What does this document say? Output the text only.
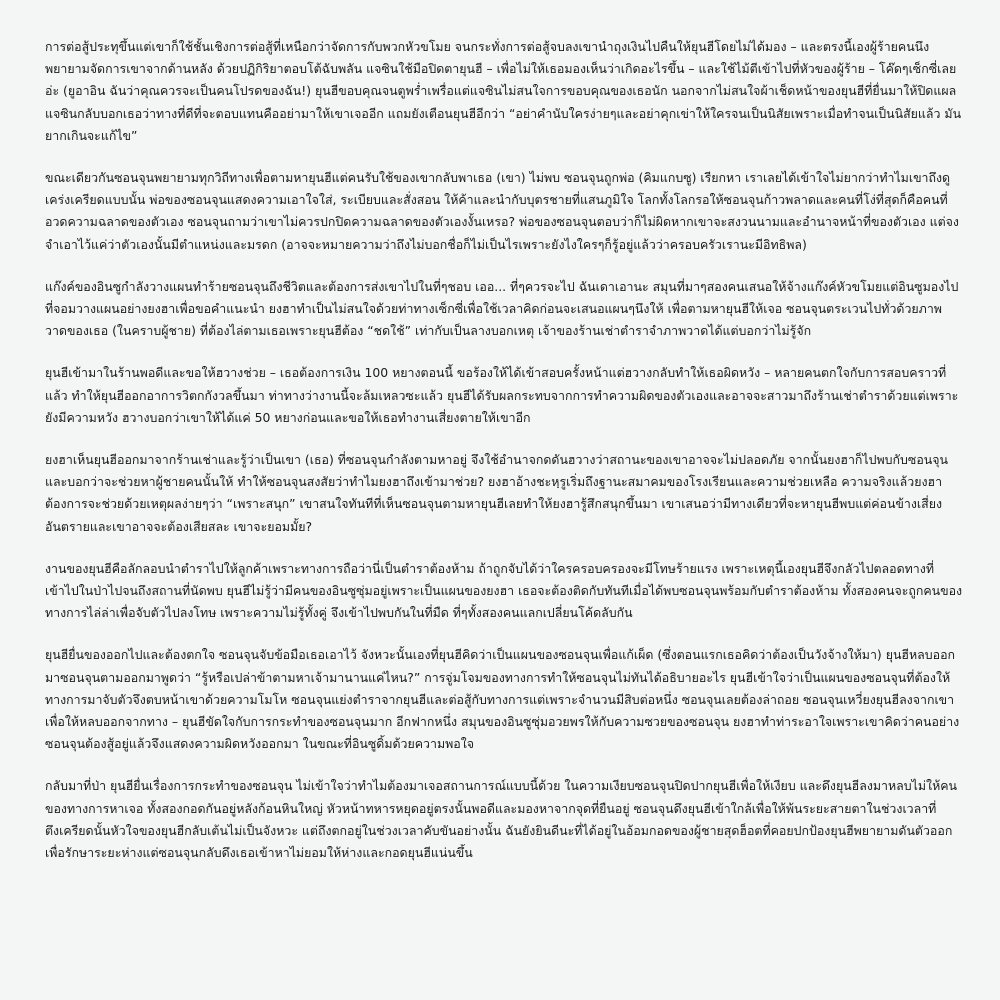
การต่อสู้ประทุขึ้นแต่เขาก็ใช้ชั้นเชิงการต่อสู้ที่เหนือกว่าจัดการกับพวกหัวขโมย จนกระทั่งการต่อสู้จบลงเขานำถุงเงินไปคืนให้ยุนฮีโดยไม่ได้มอง – และตรงนี้เองผู้ร้ายคนนึงพยายามจัดการเขาจากด้านหลัง ด้วยปฏิกิริยาตอบโต้ฉับพลัน แจซินใช้มือปิดตายุนฮี – เพื่อไม่ให้เธอมองเห็นว่าเกิดอะไรขึ้น – และใช้ไม้ตีเข้าไปที่หัวของผู้ร้าย – โค๊ดๆเซ็กซี่เลยอ่ะ (ยูอาอิน ฉันว่าคุณควรจะเป็นคนโปรดของฉัน!) ยุนฮีขอบคุณจนตูพร่ำเพรื่อแต่แจซินไม่สนใจการขอบคุณของเธอนัก นอกจากไม่สนใจผ้าเช็ดหน้าของยุนฮีที่ยื่นมาให้ปิดแผล แจซินกลับบอกเธอว่าทางที่ดีที่จะตอบแทนคืออย่ามาให้เขาเจออีก แถมยังเตือนยุนฮีอีกว่า “อย่าคำนับใครง่ายๆและอย่าคุกเข่าให้ใครจนเป็นนิสัยเพราะเมื่อทำจนเป็นนิสัยแล้ว มันยากเกินจะแก้ไข”

ขณะเดียวกันซอนจุนพยายามทุกวิถีทางเพื่อตามหายุนฮีแต่คนรับใช้ของเขากลับพาเธอ (เขา) ไม่พบ ซอนจุนถูกพ่อ (คิมแกบซู) เรียกหา เราเลยได้เข้าใจไม่ยากว่าทำไมเขาถึงดูเคร่งเครียดแบบนั้น พ่อของซอนจุนแสดงความเอาใจใส่, ระเบียบและสั่งสอน ให้ค้าและนำกับบุตรชายที่แสนภูมิใจ โลกทั้งโลกรอให้ซอนจุนก้าวพลาดและคนที่โง่ที่สุดก็คือคนที่อวดความฉลาดของตัวเอง ซอนจุนถามว่าเขาไม่ควรปกปิดความฉลาดของตัวเองงั้นเหรอ? พ่อของซอนจุนตอบว่าก็ไม่ผิดหากเขาจะสงวนนามและอำนาจหน้าที่ของตัวเอง แต่จงจำเอาไว้แค่ว่าตัวเองนั้นมีตำแหน่งและมรดก (อาจจะหมายความว่าถึงไม่บอกชื่อก็ไม่เป็นไรเพราะยังไงใครๆก็รู้อยู่แล้วว่าครอบครัวเรานะมีอิทธิพล)

แก๊งค์ของอินซูกำลังวางแผนทำร้ายซอนจุนถึงชีวิตและต้องการส่งเขาไปในที่ๆชอบ เออ... ที่ๆควรจะไป ฉันเดาเอานะ สมุนที่มาๆสองคนเสนอให้จ้างแก๊งค์หัวขโมยแต่อินซูมองไปที่จอมวางแผนอย่างยงฮาเพื่อขอคำแนะนำ ยงฮาทำเป็นไม่สนใจด้วยท่าทางเซ็กซี่เพื่อใช้เวลาคิดก่อนจะเสนอแผนๆนึงให้ เพื่อตามหายุนฮีให้เจอ ซอนจุนตระเวนไปทั่วด้วยภาพวาดของเธอ (ในคราบผู้ชาย) ที่ต้องไล่ตามเธอเพราะยุนฮีต้อง “ชดใช้” เท่ากับเป็นลางบอกเหตุ เจ้าของร้านเช่าตำราจำภาพวาดได้แต่บอกว่าไม่รู้จัก

ยุนฮีเข้ามาในร้านพอดีและขอให้ฮวางช่วย – เธอต้องการเงิน 100 หยางตอนนี้ ขอร้องให้ได้เข้าสอบครั้งหน้าแต่ฮวางกลับทำให้เธอผิดหวัง – หลายคนตกใจกับการสอบคราวที่แล้ว ทำให้ยุนฮีออกอาการวิตกกังวลขึ้นมา ท่าทางว่างานนี้จะล้มเหลวซะแล้ว ยุนฮีได้รับผลกระทบจากการทำความผิดของตัวเองและอาจจะสาวมาถึงร้านเช่าตำราด้วยแต่เพราะยังมีความหวัง ฮวางบอกว่าเขาให้ได้แค่ 50 หยางก่อนและขอให้เธอทำงานเสี่ยงตายให้เขาอีก

ยงฮาเห็นยุนฮีออกมาจากร้านเช่าและรู้ว่าเป็นเขา (เธอ) ที่ซอนจุนกำลังตามหาอยู่ จึงใช้อำนาจกดดันฮวางว่าสถานะของเขาอาจจะไม่ปลอดภัย จากนั้นยงฮาก็ไปพบกับซอนจุนและบอกว่าจะช่วยหาผู้ชายคนนั้นให้ ทำให้ซอนจุนสงสัยว่าทำไมยงฮาถึงเข้ามาช่วย? ยงฮาอ้างชะหฺรูเริ่มถึงฐานะสมาคมของโรงเรียนและความช่วยเหลือ ความจริงแล้วยงฮาต้องการจะช่วยด้วยเหตุผลง่ายๆว่า “เพราะสนุก” เขาสนใจทันทีที่เห็นซอนจุนตามหายุนฮีเลยทำให้ยงฮารู้สึกสนุกขึ้นมา เขาเสนอว่ามีทางเดียวที่จะหายุนฮีพบแต่ค่อนข้างเสี่ยงอันตรายและเขาอาจจะต้องเสียสละ เขาจะยอมมั้ย?

งานของยุนฮีคือลักลอบนำตำราไปให้ลูกค้าเพราะทางการถือว่านี่เป็นตำราต้องห้าม ถ้าถูกจับได้ว่าใครครอบครองจะมีโทษร้ายแรง เพราะเหตุนี้เองยุนฮีจึงกลัวไปตลอดทางที่เข้าไปในป่าไปจนถึงสถานที่นัดพบ ยุนฮีไม่รู้ว่ามีคนของอินซูซุ่มอยู่เพราะเป็นแผนของยงฮา เธอจะต้องติดกับทันทีเมื่อได้พบซอนจุนพร้อมกับตำราต้องห้าม ทั้งสองคนจะถูกคนของทางการไล่ล่าเพื่อจับตัวไปลงโทษ เพราะความไม่รู้ทั้งคู่ จึงเข้าไปพบกันในที่มืด ที่ๆทั้งสองคนแลกเปลี่ยนโค้ดลับกัน

ยุนฮียื่นของออกไปและต้องตกใจ ซอนจุนจับข้อมือเธอเอาไว้ จังหวะนั้นเองที่ยุนฮีคิดว่าเป็นแผนของซอนจุนเพื่อแก้เผ็ด (ซึ่งตอนแรกเธอคิดว่าต้องเป็นวังจ้างให้มา) ยุนฮีหลบออกมาซอนจุนตามออกมาพูดว่า “รู้หรือเปล่าข้าตามหาเจ้ามานานแค่ไหน?” การจู่มโจมของทางการทำให้ซอนจุนไม่ทันได้อธิบายอะไร ยุนฮีเข้าใจว่าเป็นแผนของซอนจุนที่ต้องให้ทางการมาจับตัวจึงตบหน้าเขาด้วยความโมโห ซอนจุนแย่งตำราจากยุนฮีและต่อสู้กับทางการแต่เพราะจำนวนมีสิบต่อหนึ่ง ซอนจุนเลยต้องล่าถอย ซอนจุนเหวี่ยงยุนฮีลงจากเขาเพื่อให้หลบออกจากทาง – ยุนฮีขัดใจกับการกระทำของซอนจุนมาก อีกฟากหนึ่ง สมุนของอินซูซุ่มอวยพรให้กับความซวยของซอนจุน ยงฮาทำท่าระอาใจเพราะเขาคิดว่าคนอย่างซอนจุนต้องสู้อยู่แล้วจึงแสดงความผิดหวังออกมา ในขณะที่อินซูดิ้มด้วยความพอใจ

กลับมาที่ป่า ยุนฮียื่นเรื่องการกระทำของซอนจุน ไม่เข้าใจว่าทำไมต้องมาเจอสถานการณ์แบบนี้ด้วย ในความเงียบซอนจุนปิดปากยุนฮีเพื่อให้เงียบ และดึงยุนฮีลงมาหลบไม่ให้คนของทางการหาเจอ ทั้งสองกอดกันอยู่หลังก้อนหินใหญ่ หัวหน้าทหารหยุดอยู่ตรงนั้นพอดีและมองหาจากจุดที่ยืนอยู่ ซอนจุนดึงยุนฮีเข้าใกล้เพื่อให้พ้นระยะสายตาในช่วงเวลาที่ตึงเครียดนั้นหัวใจของยุนฮีกลับเต้นไม่เป็นจังหวะ แต่ถึงตกอยู่ในช่วงเวลาคับขันอย่างนั้น ฉันยังยินดีนะที่ได้อยู่ในอ้อมกอดของผู้ชายสุดฮ็อตที่คอยปกป้องยุนฮีพยายามดันตัวออกเพื่อรักษาระยะห่างแต่ซอนจุนกลับดึงเธอเข้าหาไม่ยอมให้ห่างและกอดยุนฮีแน่นขึ้น
